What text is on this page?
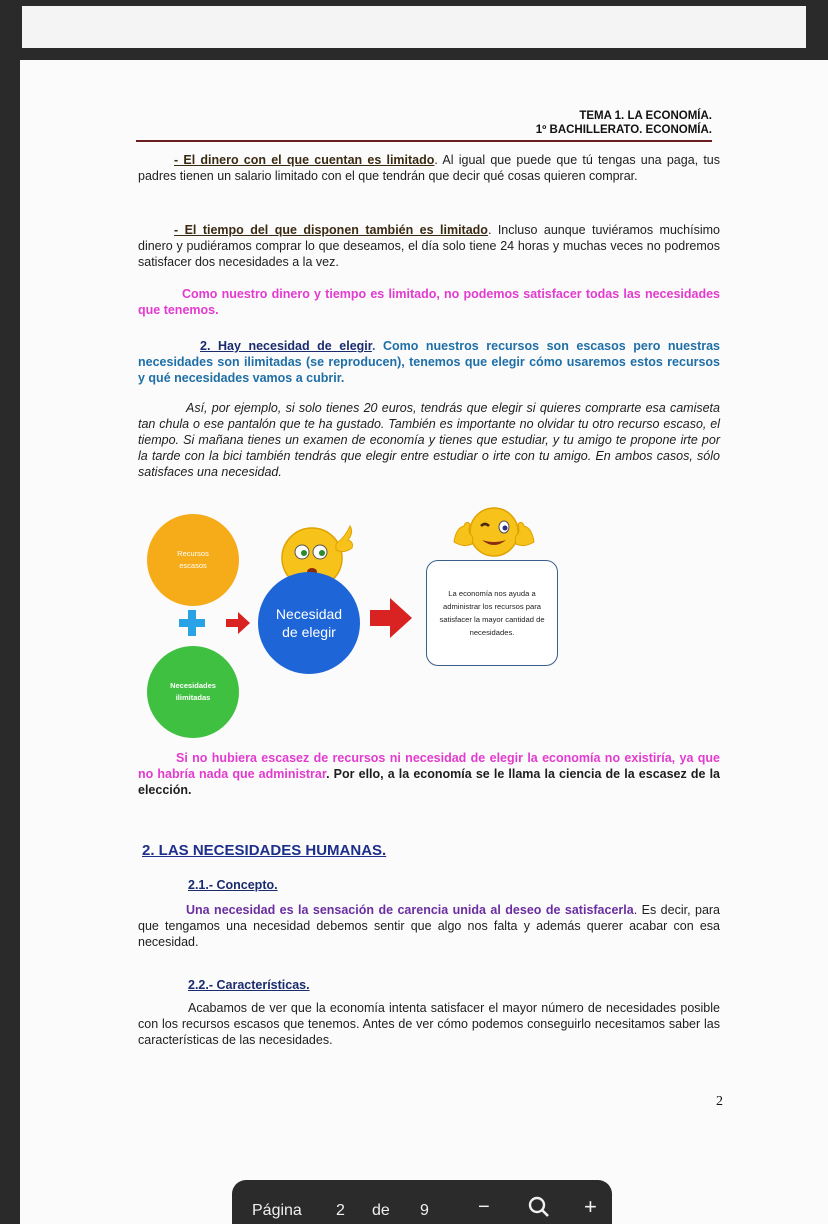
TEMA 1. LA ECONOMÍA.
1º BACHILLERATO. ECONOMÍA.
- El dinero con el que cuentan es limitado. Al igual que puede que tú tengas una paga, tus padres tienen un salario limitado con el que tendrán que decir qué cosas quieren comprar.
- El tiempo del que disponen también es limitado. Incluso aunque tuviéramos muchísimo dinero y pudiéramos comprar lo que deseamos, el día solo tiene 24 horas y muchas veces no podremos satisfacer dos necesidades a la vez.
Como nuestro dinero y tiempo es limitado, no podemos satisfacer todas las necesidades que tenemos.
2. Hay necesidad de elegir. Como nuestros recursos son escasos pero nuestras necesidades son ilimitadas (se reproducen), tenemos que elegir cómo usaremos estos recursos y qué necesidades vamos a cubrir.
Así, por ejemplo, si solo tienes 20 euros, tendrás que elegir si quieres comprarte esa camiseta tan chula o ese pantalón que te ha gustado. También es importante no olvidar tu otro recurso escaso, el tiempo. Si mañana tienes un examen de economía y tienes que estudiar, y tu amigo te propone irte por la tarde con la bici también tendrás que elegir entre estudiar o irte con tu amigo. En ambos casos, sólo satisfaces una necesidad.
Recursos escasos
Necesidades ilimitadas
Necesidad de elegir
La economía nos ayuda a administrar los recursos para satisfacer la mayor cantidad de necesidades.
Si no hubiera escasez de recursos ni necesidad de elegir la economía no existiría, ya que no habría nada que administrar. Por ello, a la economía se le llama la ciencia de la escasez de la elección.
2. LAS NECESIDADES HUMANAS.
2.1.- Concepto.
Una necesidad es la sensación de carencia unida al deseo de satisfacerla. Es decir, para que tengamos una necesidad debemos sentir que algo nos falta y además querer acabar con esa necesidad.
2.2.- Características.
Acabamos de ver que la economía intenta satisfacer el mayor número de necesidades posible con los recursos escasos que tenemos. Antes de ver cómo podemos conseguirlo necesitamos saber las características de las necesidades.
2
Página 2 de 9 −	+
